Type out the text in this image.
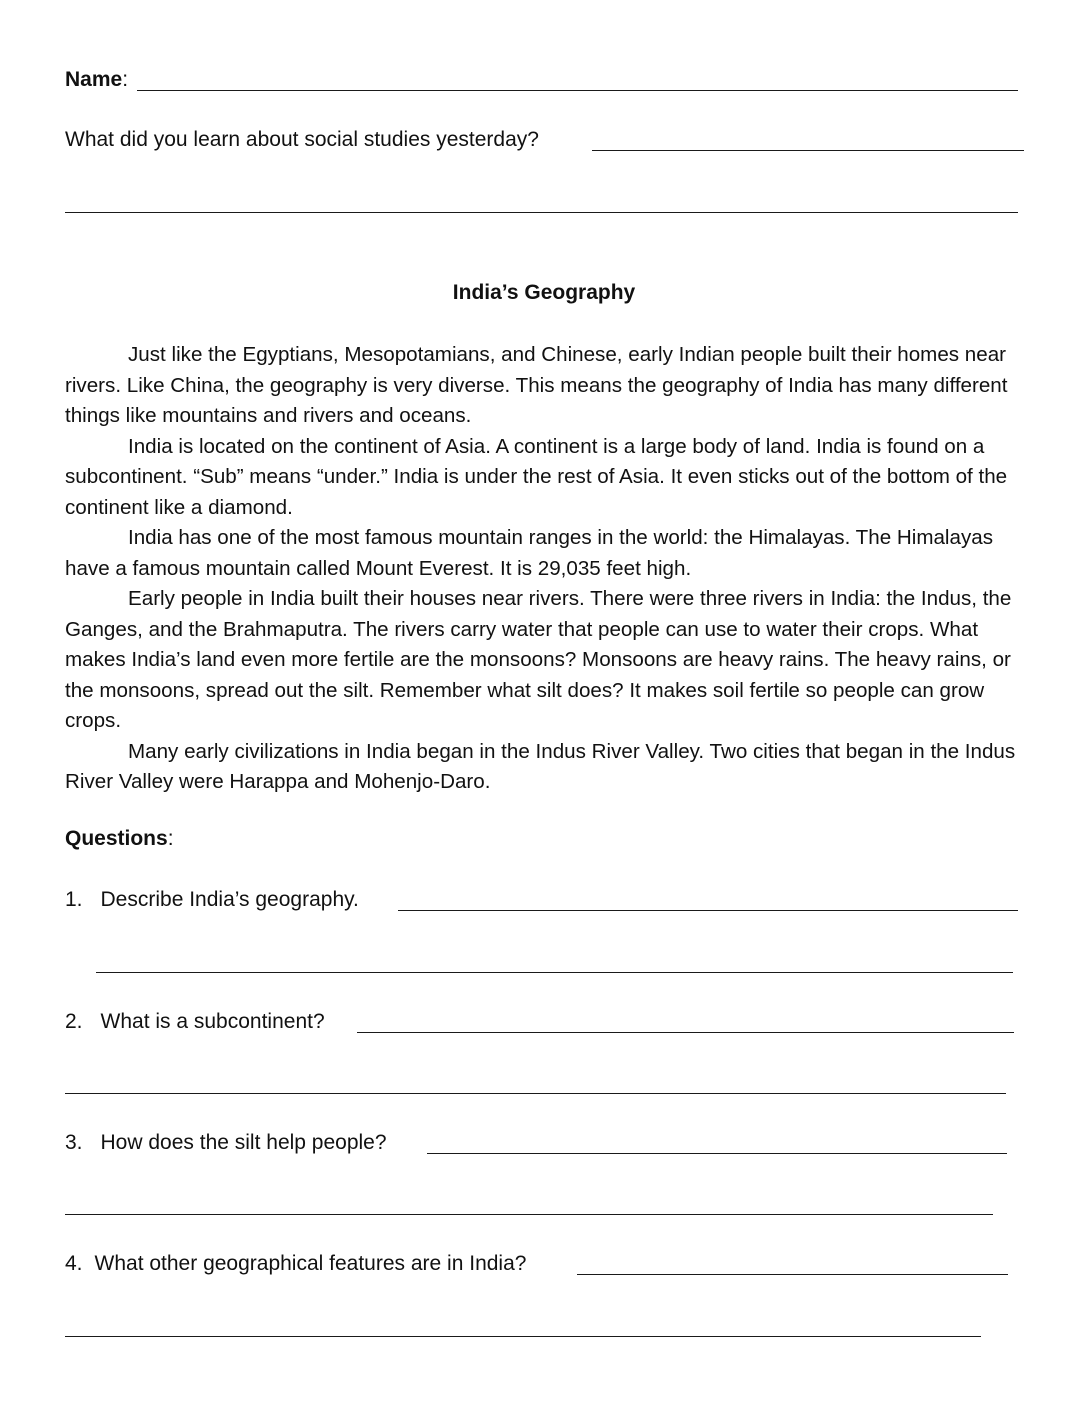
Name:
What did you learn about social studies yesterday?
India’s Geography

Just like the Egyptians, Mesopotamians, and Chinese, early Indian people built their homes near rivers. Like China, the geography is very diverse. This means the geography of India has many different things like mountains and rivers and oceans.

India is located on the continent of Asia. A continent is a large body of land. India is found on a subcontinent. “Sub” means “under.” India is under the rest of Asia. It even sticks out of the bottom of the continent like a diamond.

India has one of the most famous mountain ranges in the world: the Himalayas. The Himalayas have a famous mountain called Mount Everest. It is 29,035 feet high.

Early people in India built their houses near rivers. There were three rivers in India: the Indus, the Ganges, and the Brahmaputra. The rivers carry water that people can use to water their crops. What makes India’s land even more fertile are the monsoons? Monsoons are heavy rains. The heavy rains, or the monsoons, spread out the silt. Remember what silt does? It makes soil fertile so people can grow crops.

Many early civilizations in India began in the Indus River Valley. Two cities that began in the Indus River Valley were Harappa and Mohenjo-Daro.

Questions:
1. Describe India’s geography.
2. What is a subcontinent?
3. How does the silt help people?
4. What other geographical features are in India?
